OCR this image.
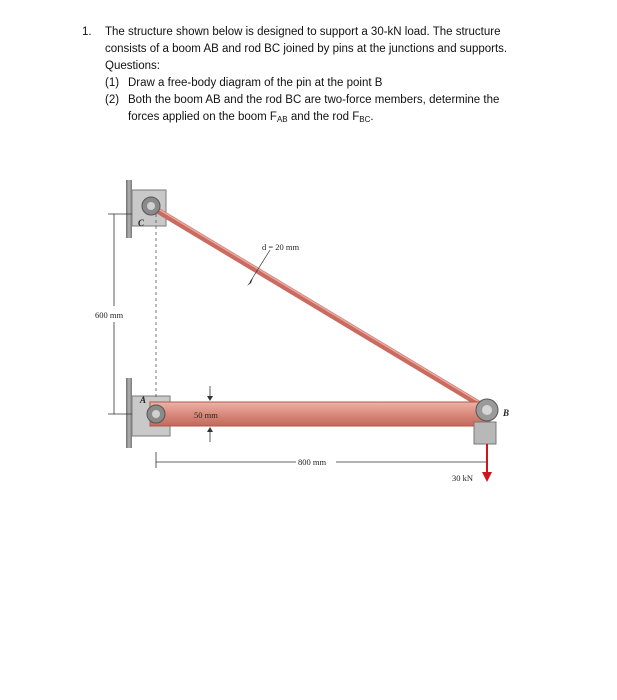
1. The structure shown below is designed to support a 30-kN load. The structure
consists of a boom AB and rod BC joined by pins at the junctions and supports.
Questions:
(1) Draw a free-body diagram of the pin at the point B
(2) Both the boom AB and the rod BC are two-force members, determine the
forces applied on the boom $F_{AB}$ and the rod $F_{BC}$.
600 mm
50 mm
800 mm
d = 20 mm
C
A
B
30 kN
